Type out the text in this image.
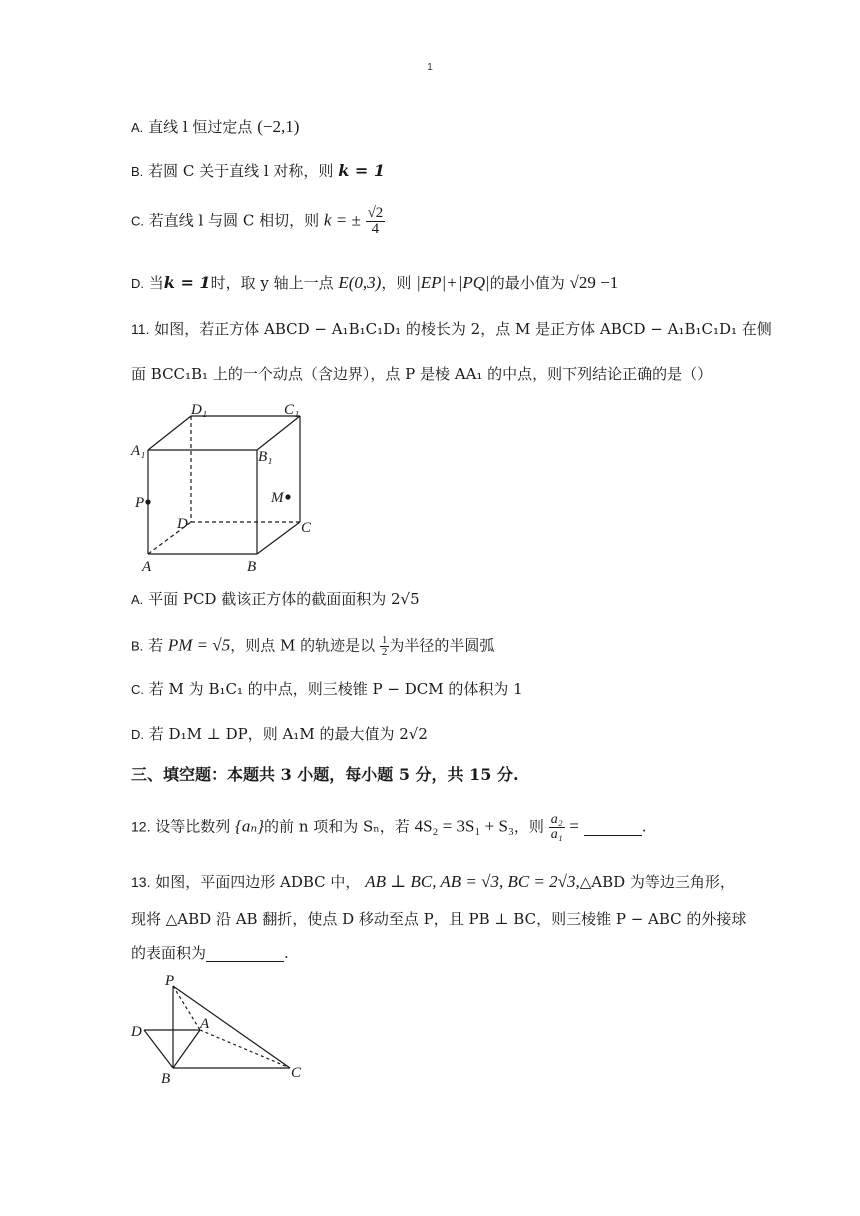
1
A. 直线 l 恒过定点 (−2,1)
B. 若圆 C 关于直线 l 对称，则 k = 1
C. 若直线 l 与圆 C 相切，则 k = ± $\frac{√2}{4}$
D. 当k = 1时，取 y 轴上一点 E(0,3)，则 |EP|+|PQ|的最小值为 √29 −1
11. 如图，若正方体 ABCD − A₁B₁C₁D₁ 的棱长为 2，点 M 是正方体 ABCD − A₁B₁C₁D₁ 在侧
面 BCC₁B₁ 上的一个动点（含边界），点 P 是棱 AA₁ 的中点，则下列结论正确的是（）
D₁	C₁
A₁	B₁
P	M
D	C
A	B
A. 平面 PCD 截该正方体的截面面积为 2√5
B. 若 PM = √5，则点 M 的轨迹是以 $\frac{1}{2}$ 为半径的半圆弧
C. 若 M 为 B₁C₁ 的中点，则三棱锥 P − DCM 的体积为 1
D. 若 D₁M ⊥ DP，则 A₁M 的最大值为 2√2
三、填空题：本题共 3 小题，每小题 5 分，共 15 分.
12. 设等比数列 {aₙ}的前 n 项和为 Sₙ，若 4S₂ = 3S₁ + S₃，则 $\frac{\text{a₂}}{\text{a₁}}$ =	.
13. 如图，平面四边形 ADBC 中， AB ⊥ BC, AB = √3, BC = 2√3,△ABD 为等边三角形，
现将 △ABD 沿 AB 翻折，使点 D 移动至点 P，且 PB ⊥ BC，则三棱锥 P − ABC 的外接球
的表面积为	.
P
D	A
B	C
